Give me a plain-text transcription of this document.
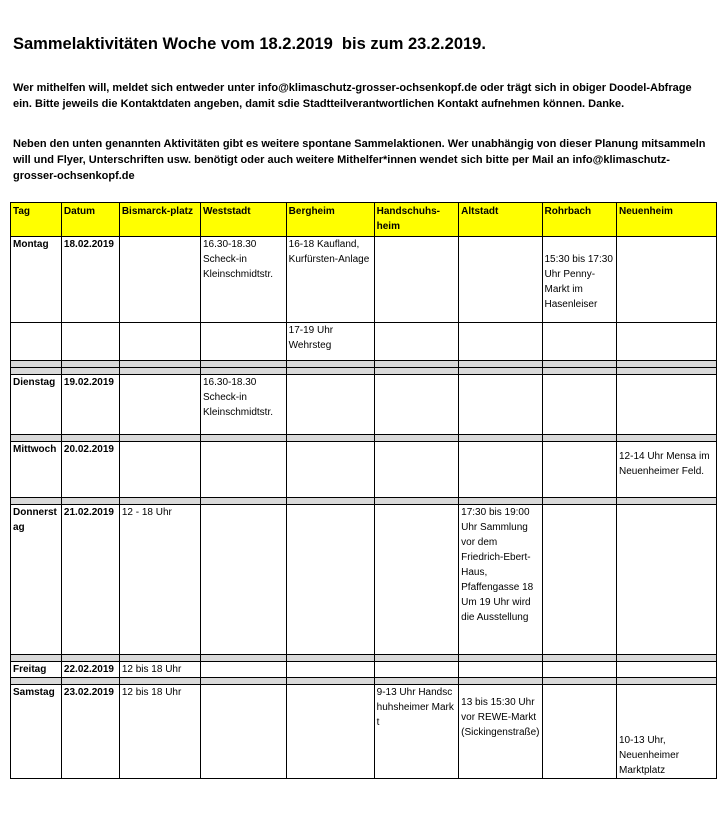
Sammelaktivitäten Woche vom 18.2.2019  bis zum 23.2.2019.
Wer mithelfen will, meldet sich entweder unter info@klimaschutz-grosser-ochsenkopf.de oder trägt sich in obiger Doodel-Abfrage ein. Bitte jeweils die Kontaktdaten angeben, damit sdie Stadtteilverantwortlichen Kontakt aufnehmen können. Danke.
Neben den unten genannten Aktivitäten gibt es weitere spontane Sammelaktionen. Wer unabhängig von dieser Planung mitsammeln will und Flyer, Unterschriften usw. benötigt oder auch weitere Mithelfer*innen wendet sich bitte per Mail an info@klimaschutz-grosser-ochsenkopf.de
Tag	Datum	Bismarck-platz	Weststadt	Bergheim	Handschuhs-heim	Altstadt	Rohrbach	Neuenheim
Montag	18.02.2019		16.30-18.30 Scheck-in Kleinschmidtstr.	16-18 Kaufland, Kurfürsten-Anlage			15:30 bis 17:30 Uhr Penny-Markt im Hasenleiser	
				17-19 Uhr Wehrsteg				

Dienstag	19.02.2019		16.30-18.30 Scheck-in Kleinschmidtstr.					

Mittwoch	20.02.2019							12-14 Uhr Mensa im Neuenheimer Feld.

Donnerstag	21.02.2019	12 - 18 Uhr				17:30 bis 19:00 Uhr Sammlung vor dem Friedrich-Ebert-Haus, Pfaffengasse 18 Um 19 Uhr wird die Ausstellung		

Freitag	22.02.2019	12 bis 18 Uhr						

Samstag	23.02.2019	12 bis 18 Uhr			9-13 Uhr Handschuhsheimer Markt	13 bis 15:30 Uhr vor REWE-Markt (Sickingenstraße)		10-13 Uhr, Neuenheimer Marktplatz
